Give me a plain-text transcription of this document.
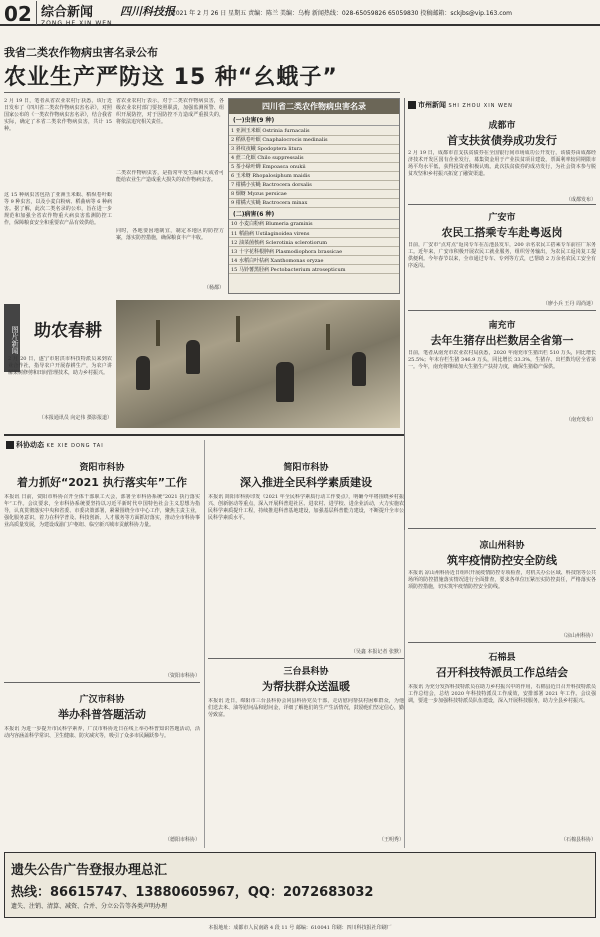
02 综合新闻
ZONG HE XIN WEN
四川科技报
2021 年 2 月 26 日 星期五 责编：陈兰 美编：乌梅 新闻热线：028-65059826 65059830 投稿邮箱：sckjbs@vip.163.com
我省二类农作物病虫害名录公布
农业生产严防这 15 种“幺蛾子”

2 月 19 日，笔者从省农业农村厅获悉，该厅近日发布了《四川省二类农作物病虫害名录》，对照国家公布的《一类农作物病虫害名录》，结合我省实际，确定了本省二类农作物病虫害，共计 15 种。

这 15 种病虫害包括了亚洲玉米螟、稻纵卷叶螟等 9 种虫害，以及小麦白粉病、稻曲病等 6 种病害。据了解，此次二类名录的公布，旨在进一步规范和加强全省农作物重大病虫害监测防控工作，保障粮食安全和重要农产品有效供给。

省农业农村厅表示，对于二类农作物病虫害，各级农业农村部门要按照职责，加强监测预警、组织开展防控，对于因防控不力造成严重损失的，将依法追究相关责任。

二类农作物病虫害，是指常年发生面积大或者可能给农业生产造成重大损失的农作物病虫害。

同时，各地要因地制宜，制定本地区的防控方案，落实防控措施，确保粮食丰产丰收。

（杨都）
四川省二类农作物病虫害名录
(一)虫害(9 种)
1 亚洲玉米螟 Ostrinia furnacalis
2 稻纵卷叶螟 Cnaphalocrocis medinalis
3 斜纹夜蛾 Spodoptera litura
4 蔗二化螟 Chilo suppressalis
5 茶小绿叶蝉 Empoasca onukii
6 玉米蚜 Rhopalosiphum maidis
7 柑橘小实蝇 Bactrocera dorsalis
8 烟蚜 Myzus persicae
9 柑橘大实蝇 Bactrocera minax
(二)病害(6 种)
10 小麦白粉病 Blumeria graminis
11 稻曲病 Ustilaginoidea virens
12 油菜菌核病 Sclerotinia sclerotiorum
13 十字花科根肿病 Plasmodiophora brassicae
14 水稻白叶枯病 Xanthomonas oryzae
15 马铃薯黑胫病 Pectobacterium atrosepticum
图片新闻 助农春耕
2 月 20 日，遂宁市射洪市科技特派员来到农业合作社，指导农户开展春耕生产，为农户讲解果树修剪和田间管理技术，助力乡村振兴。
（本报通讯员 向定伟 摄影报道）
市州新闻 SHI ZHOU XIN WEN
成都市
首支扶贫债券成功发行
2 月 19 日，成都市首支扶贫债券在全国银行间市场成功公开发行，该债券由成都经济技术开发区国有企业发行，募集资金用于产业扶贫项目建设，票面利率较同期限市场平均水平低，获得投资者积极认购。此次扶贫债券的成功发行，为社会资本参与脱贫攻坚和乡村振兴拓宽了融资渠道。
（成都发布）
广安市
农民工搭乘专车赴粤返岗
日前，广安市“点对点”返岗专车在岳池县发车，200 余名农民工搭乘专车前往广东务工。近年来，广安市积极开展农民工就业服务，组织劳务输出，为农民工返岗复工提供便利。今年春节以来，全市通过专车、专列等方式，已帮助 2 万余名农民工安全有序返岗。
（廖小兵 王丹 周尚迷）
南充市
去年生猪存出栏数居全省第一
日前，笔者从南充市农业农村局获悉，2020 年南充市生猪出栏 510 万头，同比增长 25.5%；年末存栏生猪 346.9 万头，同比增长 33.3%，生猪存、出栏数均居全省第一。今年，南充将继续加大生猪生产扶持力度，确保生猪稳产保供。
（南充发布）
科协动态 KE XIE DONG TAI
资阳市科协
着力抓好“2021 执行落实年”工作
本报讯 日前，资阳市科协召开全体干部职工大会，部署全市科协系统“2021 执行落实年”工作。会议要求，全市科协系统要坚持以习近平新时代中国特色社会主义思想为指导，认真贯彻落实中央和省委、市委决策部署，紧紧围绕全市中心工作，聚焦主责主业，强化服务意识，着力在科学普及、科技创新、人才服务等方面抓好落实，推动全市科协事业高质量发展，为建设成渝门户枢纽、临空新兴城市贡献科协力量。
（资阳市科协）
简阳市科协
深入推进全民科学素质建设
本报讯 简阳市科协印发《2021 年全民科学素质行动工作要点》，明确今年将围绕乡村振兴、创新驱动等重点，深入开展科普进社区、进农村、进学校、进企业活动，大力实施农民科学素质提升工程，持续推进科普基地建设，加强基层科普能力建设，不断提升全市公民科学素质水平。
（吴鑫 本报记者 张默）
三台县科协
为帮扶群众送温暖
本报讯 近日，绵阳市三台县科协会同县科协党员干部，走访慰问帮扶村困难群众，为他们送去米、油等慰问品和慰问金，详细了解他们的生产生活情况，鼓励他们坚定信心，勤劳致富。
（王明秀）
广汉市科协
举办科普答题活动
本报讯 为进一步提升市民科学素养，广汉市科协近日在线上举办科普知识答题活动，活动内容涵盖科学常识、卫生健康、防灾减灾等，吸引了众多市民踊跃参与。
（德阳市科协）
凉山州科协
筑牢疫情防控安全防线
本报讯 凉山州科协近日组织开展疫情防控专项检查，对机关办公区域、科技馆等公共场所的防控措施落实情况进行全面排查，要求各单位压紧压实防控责任，严格落实各项防控措施，切实筑牢疫情防控安全防线。
（凉山州科协）
石棉县
召开科技特派员工作总结会
本报讯 为充分发挥科技特派员在助力乡村振兴中的作用，石棉县近日召开科技特派员工作总结会，总结 2020 年科技特派员工作成效，安排部署 2021 年工作。会议强调，要进一步加强科技特派员队伍建设，深入开展科技服务，助力全县乡村振兴。
（石棉县科协）
遗失公告广告登报办理总汇
热线：86615747、13880605967，QQ：2072683032
遗失、注销、清算、减资、合并、分立公告等各类声明办理
本报地址：成都市人民南路 4 段 11 号 邮编：610041 印刷：四川科技报社印刷厂
